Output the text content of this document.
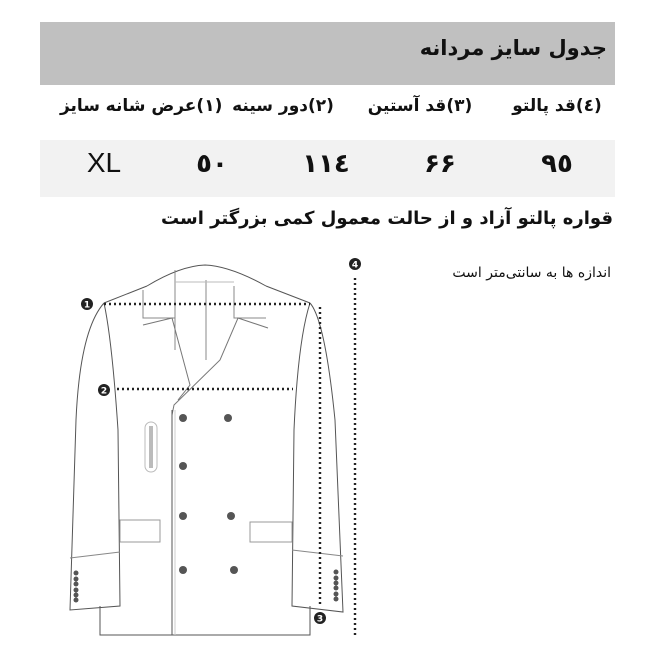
جدول سایز مردانه
(٤)قد پالتو
(٣)قد آستین
(٢)دور سینه
(١)عرض شانه
سایز
٩٥
۶۶
١١٤
٥٠
XL
قواره پالتو آزاد و از حالت معمول کمی بزرگتر است
اندازه ها به سانتی‌متر است
1
2
3
4
